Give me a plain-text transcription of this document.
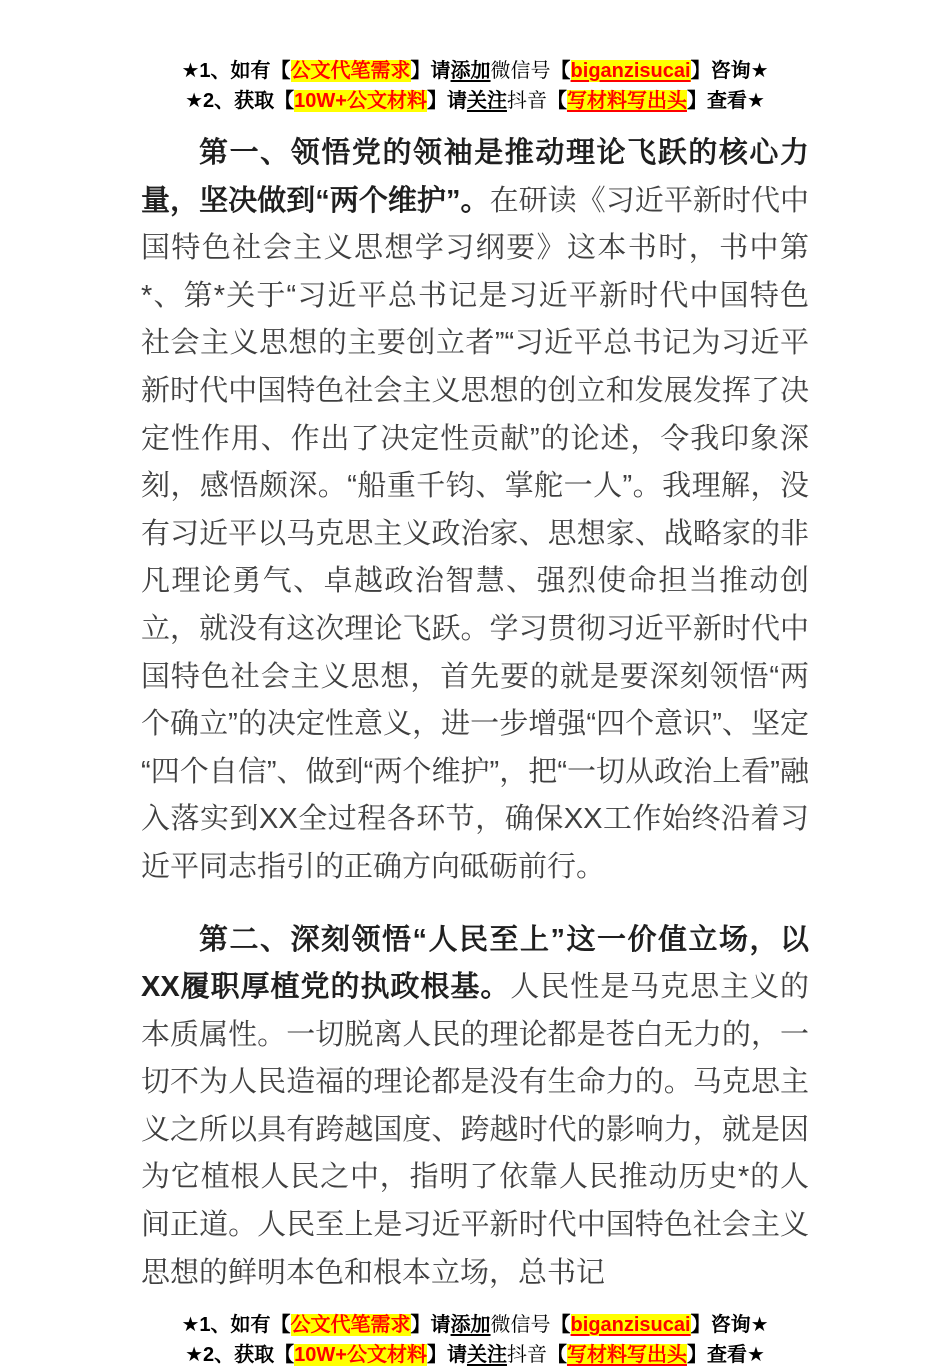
★1、如有【公文代笔需求】请添加微信号【biganzisucai】咨询★

★2、获取【10W+公文材料】请关注抖音【写材料写出头】查看★

第一、领悟党的领袖是推动理论飞跃的核心力量，坚决做到“两个维护”。在研读《习近平新时代中国特色社会主义思想学习纲要》这本书时，书中第*、第*关于“习近平总书记是习近平新时代中国特色社会主义思想的主要创立者”“习近平总书记为习近平新时代中国特色社会主义思想的创立和发展发挥了决定性作用、作出了决定性贡献”的论述，令我印象深刻，感悟颇深。“船重千钧、掌舵一人”。我理解，没有习近平以马克思主义政治家、思想家、战略家的非凡理论勇气、卓越政治智慧、强烈使命担当推动创立，就没有这次理论飞跃。学习贯彻习近平新时代中国特色社会主义思想，首先要的就是要深刻领悟“两个确立”的决定性意义，进一步增强“四个意识”、坚定“四个自信”、做到“两个维护”，把“一切从政治上看”融入落实到XX全过程各环节，确保XX工作始终沿着习近平同志指引的正确方向砥砺前行。

第二、深刻领悟“人民至上”这一价值立场，以XX履职厚植党的执政根基。人民性是马克思主义的本质属性。一切脱离人民的理论都是苍白无力的，一切不为人民造福的理论都是没有生命力的。马克思主义之所以具有跨越国度、跨越时代的影响力，就是因为它植根人民之中，指明了依靠人民推动历史*的人间正道。人民至上是习近平新时代中国特色社会主义思想的鲜明本色和根本立场，总书记

★1、如有【公文代笔需求】请添加微信号【biganzisucai】咨询★

★2、获取【10W+公文材料】请关注抖音【写材料写出头】查看★
